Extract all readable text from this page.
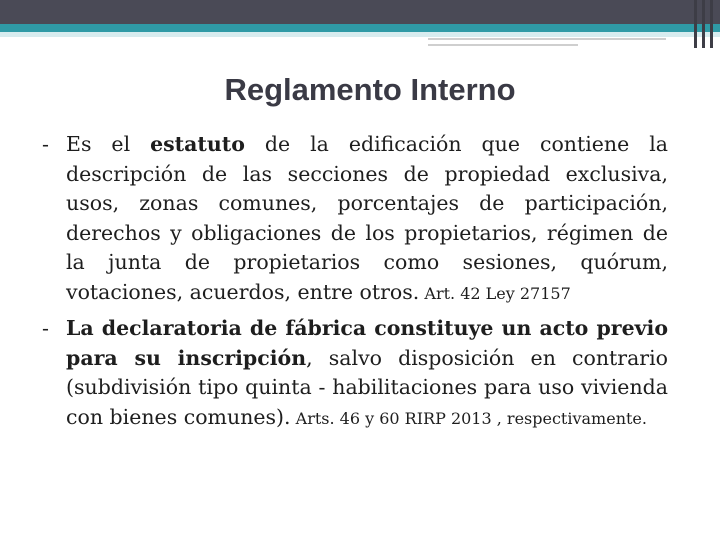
Reglamento Interno
- Es el estatuto de la edificación que contiene la descripción de las secciones de propiedad exclusiva, usos, zonas comunes, porcentajes de participación, derechos y obligaciones de los propietarios, régimen de la junta de propietarios como sesiones, quórum, votaciones, acuerdos, entre otros. Art. 42 Ley 27157
- La declaratoria de fábrica constituye un acto previo para su inscripción, salvo disposición en contrario (subdivisión tipo quinta - habilitaciones para uso vivienda con bienes comunes). Arts. 46 y 60 RIRP 2013 , respectivamente.
